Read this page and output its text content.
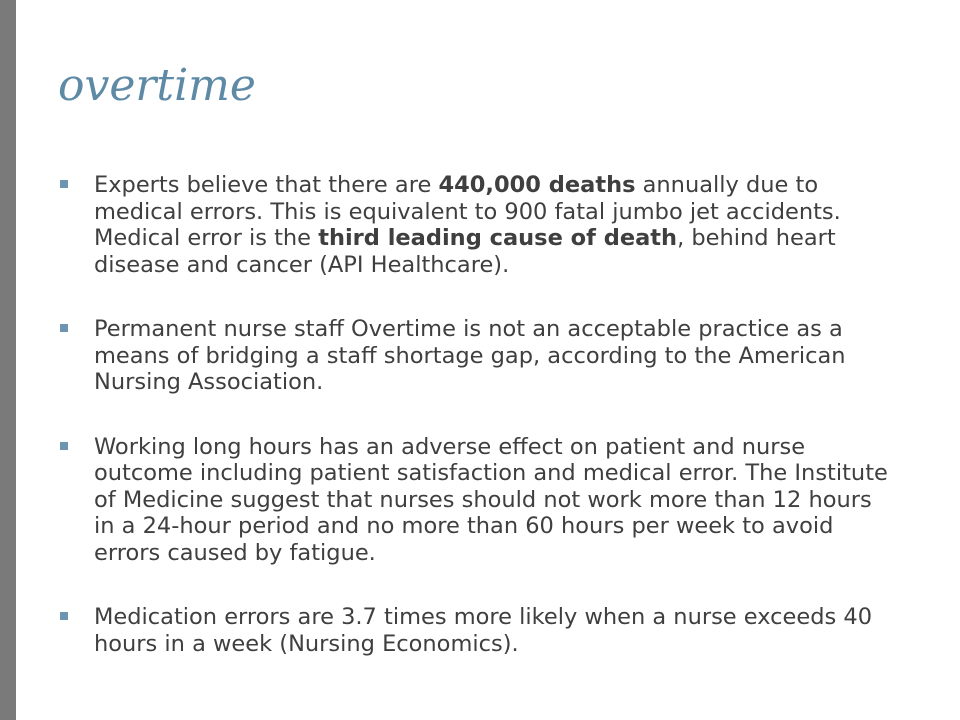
overtime
Experts believe that there are 440,000 deaths annually due to medical errors. This is equivalent to 900 fatal jumbo jet accidents. Medical error is the third leading cause of death, behind heart disease and cancer (API Healthcare).
Permanent nurse staff Overtime is not an acceptable practice as a means of bridging a staff shortage gap, according to the American Nursing Association.
Working long hours has an adverse effect on patient and nurse outcome including patient satisfaction and medical error. The Institute of Medicine suggest that nurses should not work more than 12 hours in a 24-hour period and no more than 60 hours per week to avoid errors caused by fatigue.
Medication errors are 3.7 times more likely when a nurse exceeds 40 hours in a week (Nursing Economics).
